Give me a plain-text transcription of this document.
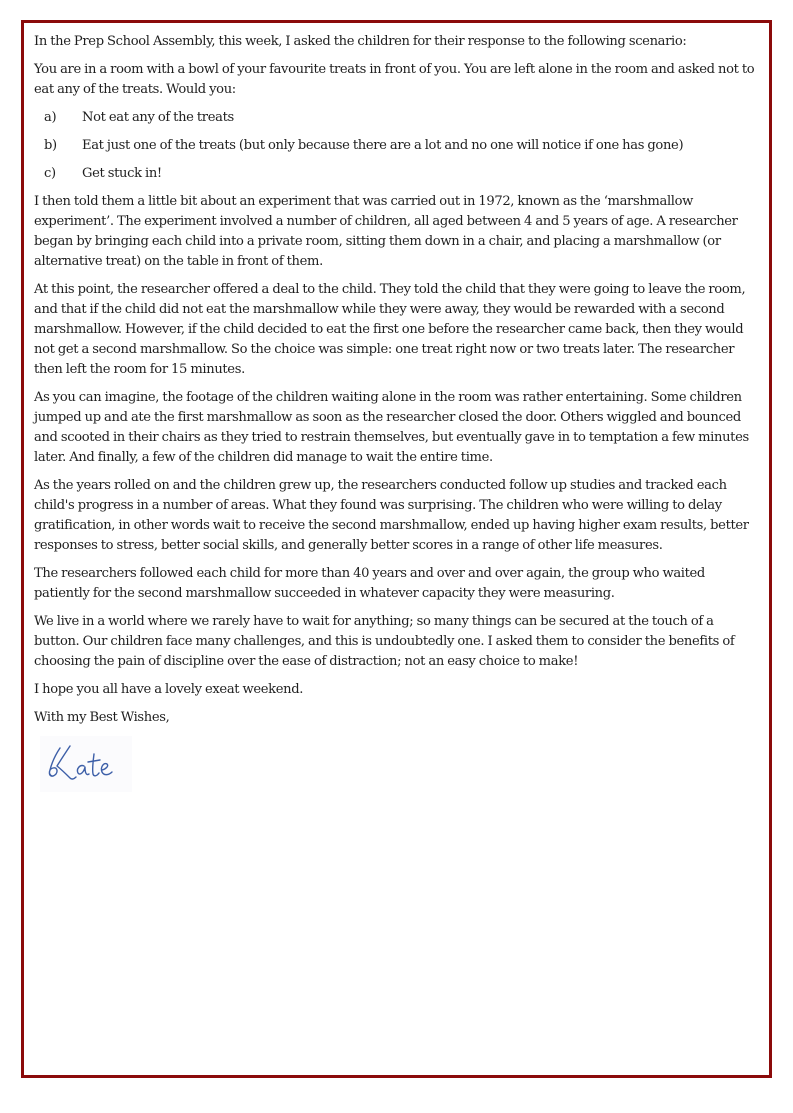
In the Prep School Assembly, this week, I asked the children for their response to the following scenario:

You are in a room with a bowl of your favourite treats in front of you. You are left alone in the room and asked not to eat any of the treats. Would you:

a)	Not eat any of the treats
b)	Eat just one of the treats (but only because there are a lot and no one will notice if one has gone)
c)	Get stuck in!

I then told them a little bit about an experiment that was carried out in 1972, known as the ‘marshmallow experiment’. The experiment involved a number of children, all aged between 4 and 5 years of age. A researcher began by bringing each child into a private room, sitting them down in a chair, and placing a marshmallow (or alternative treat) on the table in front of them.

At this point, the researcher offered a deal to the child. They told the child that they were going to leave the room, and that if the child did not eat the marshmallow while they were away, they would be rewarded with a second marshmallow. However, if the child decided to eat the first one before the researcher came back, then they would not get a second marshmallow. So the choice was simple: one treat right now or two treats later. The researcher then left the room for 15 minutes.

As you can imagine, the footage of the children waiting alone in the room was rather entertaining. Some children jumped up and ate the first marshmallow as soon as the researcher closed the door. Others wiggled and bounced and scooted in their chairs as they tried to restrain themselves, but eventually gave in to temptation a few minutes later. And finally, a few of the children did manage to wait the entire time.

As the years rolled on and the children grew up, the researchers conducted follow up studies and tracked each child's progress in a number of areas. What they found was surprising. The children who were willing to delay gratification, in other words wait to receive the second marshmallow, ended up having higher exam results, better responses to stress, better social skills, and generally better scores in a range of other life measures.

The researchers followed each child for more than 40 years and over and over again, the group who waited patiently for the second marshmallow succeeded in whatever capacity they were measuring.

We live in a world where we rarely have to wait for anything; so many things can be secured at the touch of a button. Our children face many challenges, and this is undoubtedly one. I asked them to consider the benefits of choosing the pain of discipline over the ease of distraction; not an easy choice to make!

I hope you all have a lovely exeat weekend.

With my Best Wishes,
